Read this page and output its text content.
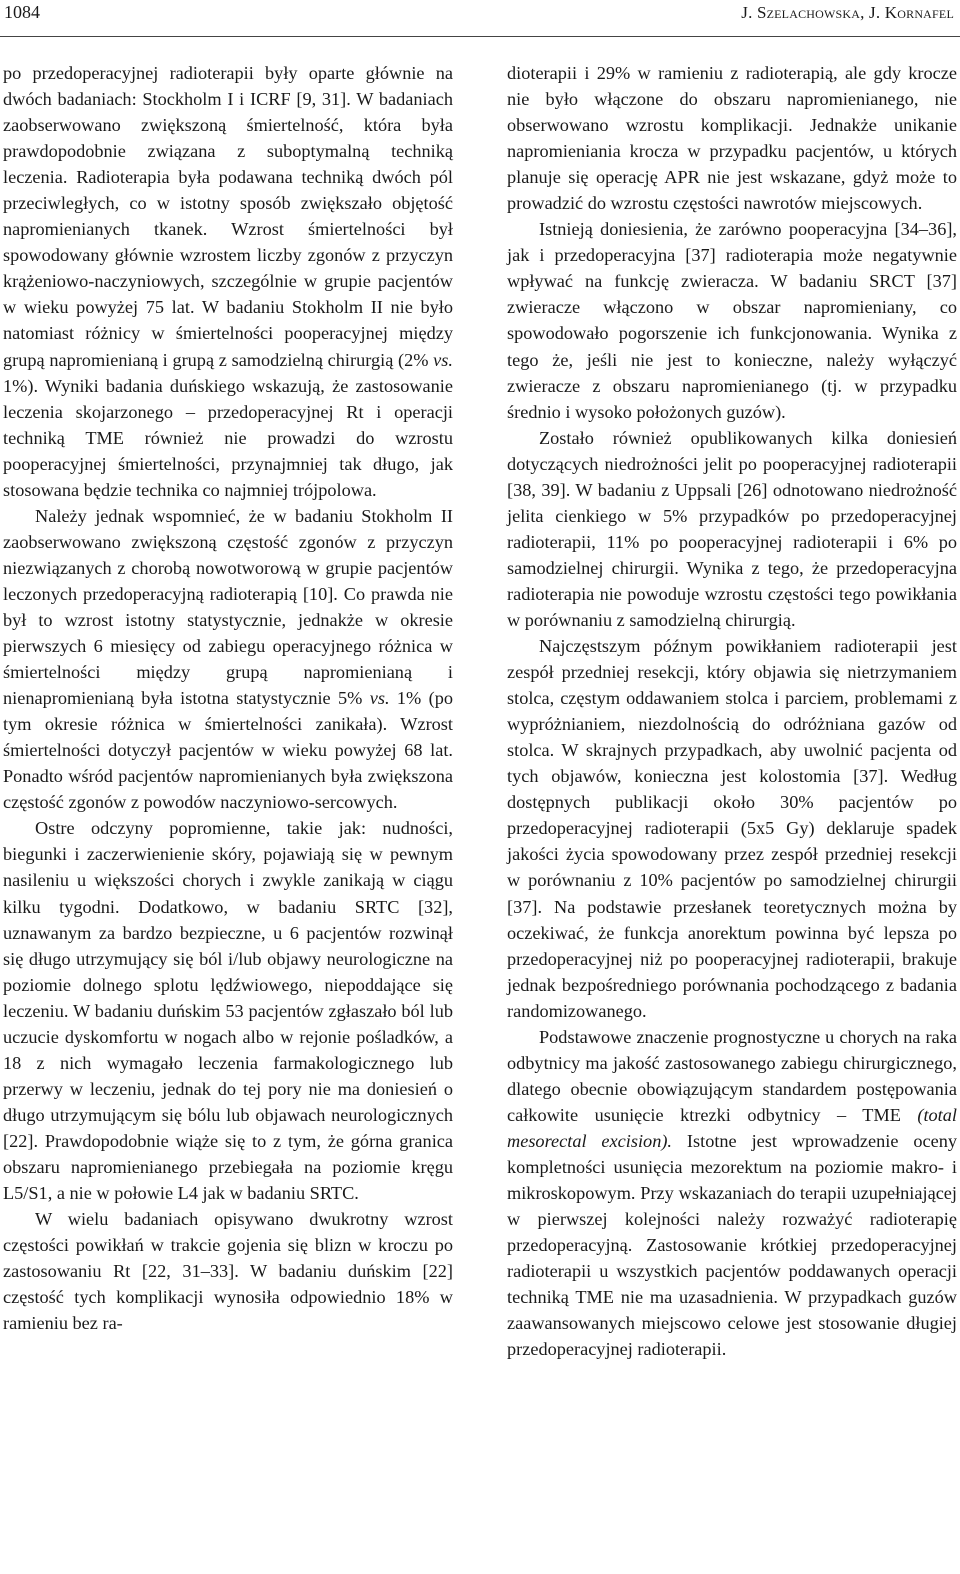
1084	J. Szelachowska, J. Kornafel

po przedoperacyjnej radioterapii były oparte głównie na dwóch badaniach: Stockholm I i ICRF [9, 31]. W badaniach zaobserwowano zwiększoną śmiertelność, która była prawdopodobnie związana z suboptymalną techniką leczenia. Radioterapia była podawana techniką dwóch pól przeciwległych, co w istotny sposób zwiększało objętość napromienianych tkanek. Wzrost śmiertelności był spowodowany głównie wzrostem liczby zgonów z przyczyn krążeniowo-naczyniowych, szczególnie w grupie pacjentów w wieku powyżej 75 lat. W badaniu Stokholm II nie było natomiast różnicy w śmiertelności pooperacyjnej między grupą napromienianą i grupą z samodzielną chirurgią (2% vs. 1%). Wyniki badania duńskiego wskazują, że zastosowanie leczenia skojarzonego – przedoperacyjnej Rt i operacji techniką TME również nie prowadzi do wzrostu pooperacyjnej śmiertelności, przynajmniej tak długo, jak stosowana będzie technika co najmniej trójpolowa.

Należy jednak wspomnieć, że w badaniu Stokholm II zaobserwowano zwiększoną częstość zgonów z przyczyn niezwiązanych z chorobą nowotworową w grupie pacjentów leczonych przedoperacyjną radioterapią [10]. Co prawda nie był to wzrost istotny statystycznie, jednakże w okresie pierwszych 6 miesięcy od zabiegu operacyjnego różnica w śmiertelności między grupą napromienianą i nienapromienianą była istotna statystycznie 5% vs. 1% (po tym okresie różnica w śmiertelności zanikała). Wzrost śmiertelności dotyczył pacjentów w wieku powyżej 68 lat. Ponadto wśród pacjentów napromienianych była zwiększona częstość zgonów z powodów naczyniowo-sercowych.

Ostre odczyny popromienne, takie jak: nudności, biegunki i zaczerwienienie skóry, pojawiają się w pewnym nasileniu u większości chorych i zwykle zanikają w ciągu kilku tygodni. Dodatkowo, w badaniu SRTC [32], uznawanym za bardzo bezpieczne, u 6 pacjentów rozwinął się długo utrzymujący się ból i/lub objawy neurologiczne na poziomie dolnego splotu lędźwiowego, niepoddające się leczeniu. W badaniu duńskim 53 pacjentów zgłaszało ból lub uczucie dyskomfortu w nogach albo w rejonie pośladków, a 18 z nich wymagało leczenia farmakologicznego lub przerwy w leczeniu, jednak do tej pory nie ma doniesień o długo utrzymującym się bólu lub objawach neurologicznych [22]. Prawdopodobnie wiąże się to z tym, że górna granica obszaru napromienianego przebiegała na poziomie kręgu L5/S1, a nie w połowie L4 jak w badaniu SRTC.

W wielu badaniach opisywano dwukrotny wzrost częstości powikłań w trakcie gojenia się blizn w kroczu po zastosowaniu Rt [22, 31–33]. W badaniu duńskim [22] częstość tych komplikacji wynosiła odpowiednio 18% w ramieniu bez ra-

dioterapii i 29% w ramieniu z radioterapią, ale gdy krocze nie było włączone do obszaru napromienianego, nie obserwowano wzrostu komplikacji. Jednakże unikanie napromieniania krocza w przypadku pacjentów, u których planuje się operację APR nie jest wskazane, gdyż może to prowadzić do wzrostu częstości nawrotów miejscowych.

Istnieją doniesienia, że zarówno pooperacyjna [34–36], jak i przedoperacyjna [37] radioterapia może negatywnie wpływać na funkcję zwieracza. W badaniu SRCT [37] zwieracze włączono w obszar napromieniany, co spowodowało pogorszenie ich funkcjonowania. Wynika z tego że, jeśli nie jest to konieczne, należy wyłączyć zwieracze z obszaru napromienianego (tj. w przypadku średnio i wysoko położonych guzów).

Zostało również opublikowanych kilka doniesień dotyczących niedrożności jelit po pooperacyjnej radioterapii [38, 39]. W badaniu z Uppsali [26] odnotowano niedrożność jelita cienkiego w 5% przypadków po przedoperacyjnej radioterapii, 11% po pooperacyjnej radioterapii i 6% po samodzielnej chirurgii. Wynika z tego, że przedoperacyjna radioterapia nie powoduje wzrostu częstości tego powikłania w porównaniu z samodzielną chirurgią.

Najczęstszym późnym powikłaniem radioterapii jest zespół przedniej resekcji, który objawia się nietrzymaniem stolca, częstym oddawaniem stolca i parciem, problemami z wypróżnianiem, niezdolnością do odróżniana gazów od stolca. W skrajnych przypadkach, aby uwolnić pacjenta od tych objawów, konieczna jest kolostomia [37]. Według dostępnych publikacji około 30% pacjentów po przedoperacyjnej radioterapii (5x5 Gy) deklaruje spadek jakości życia spowodowany przez zespół przedniej resekcji w porównaniu z 10% pacjentów po samodzielnej chirurgii [37]. Na podstawie przesłanek teoretycznych można by oczekiwać, że funkcja anorektum powinna być lepsza po przedoperacyjnej niż po pooperacyjnej radioterapii, brakuje jednak bezpośredniego porównania pochodzącego z badania randomizowanego.

Podstawowe znaczenie prognostyczne u chorych na raka odbytnicy ma jakość zastosowanego zabiegu chirurgicznego, dlatego obecnie obowiązującym standardem postępowania całkowite usunięcie ktrezki odbytnicy – TME (total mesorectal excision). Istotne jest wprowadzenie oceny kompletności usunięcia mezorektum na poziomie makro- i mikroskopowym. Przy wskazaniach do terapii uzupełniającej w pierwszej kolejności należy rozważyć radioterapię przedoperacyjną. Zastosowanie krótkiej przedoperacyjnej radioterapii u wszystkich pacjentów poddawanych operacji techniką TME nie ma uzasadnienia. W przypadkach guzów zaawansowanych miejscowo celowe jest stosowanie długiej przedoperacyjnej radioterapii.
